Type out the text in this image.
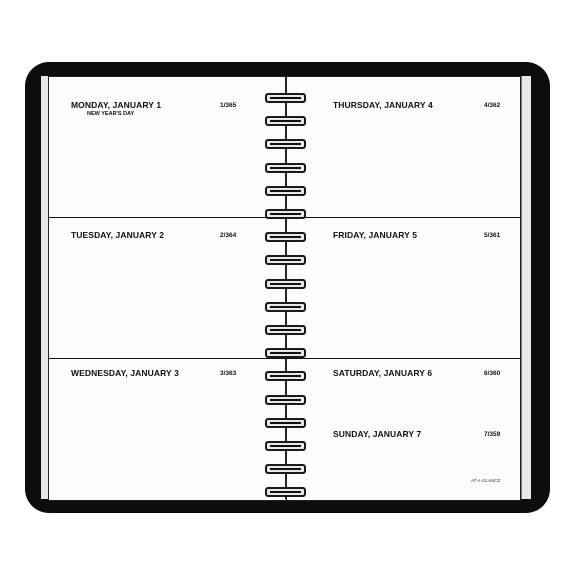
MONDAY, JANUARY 1
NEW YEAR'S DAY
1/365
TUESDAY, JANUARY 2	2/364
WEDNESDAY, JANUARY 3	3/363
THURSDAY, JANUARY 4	4/362
FRIDAY, JANUARY 5	5/361
SATURDAY, JANUARY 6	6/360
SUNDAY, JANUARY 7	7/359
AT-A-GLANCE
